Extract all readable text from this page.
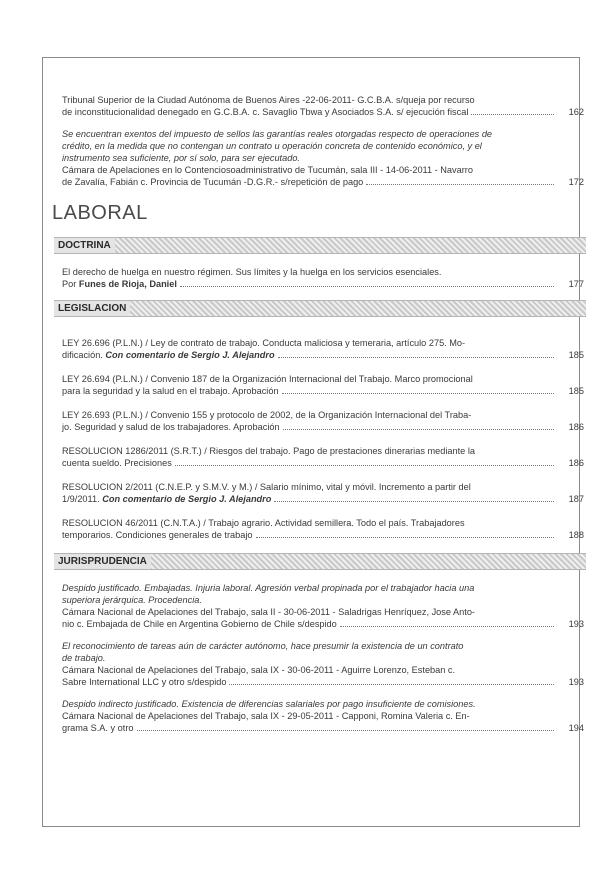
Tribunal Superior de la Ciudad Autónoma de Buenos Aires -22-06-2011- G.C.B.A. s/queja por recurso
de inconstitucionalidad denegado en G.C.B.A. c. Savaglio Tbwa y Asociados S.A. s/ ejecución fiscal	162
Se encuentran exentos del impuesto de sellos las garantías reales otorgadas respecto de operaciones de
crédito, en la medida que no contengan un contrato u operación concreta de contenido económico, y el
instrumento sea suficiente, por sí solo, para ser ejecutado.
Cámara de Apelaciones en lo Contenciosoadministrativo de Tucumán, sala III - 14-06-2011 - Navarro
de Zavalía, Fabián c. Provincia de Tucumán -D.G.R.- s/repetición de pago	172
LABORAL
DOCTRINA
El derecho de huelga en nuestro régimen. Sus límites y la huelga en los servicios esenciales.
Por Funes de Rioja, Daniel	177
LEGISLACION
LEY 26.696 (P.L.N.) / Ley de contrato de trabajo. Conducta maliciosa y temeraria, artículo 275. Mo-
dificación. Con comentario de Sergio J. Alejandro	185
LEY 26.694 (P.L.N.) / Convenio 187 de la Organización Internacional del Trabajo. Marco promocional
para la seguridad y la salud en el trabajo. Aprobación	185
LEY 26.693 (P.L.N.) / Convenio 155 y protocolo de 2002, de la Organización Internacional del Traba-
jo. Seguridad y salud de los trabajadores. Aprobación	186
RESOLUCION 1286/2011 (S.R.T.) / Riesgos del trabajo. Pago de prestaciones dinerarias mediante la
cuenta sueldo. Precisiones	186
RESOLUCION 2/2011 (C.N.E.P. y S.M.V. y M.) / Salario mínimo, vital y móvil. Incremento a partir del
1/9/2011. Con comentario de Sergio J. Alejandro	187
RESOLUCION 46/2011 (C.N.T.A.) / Trabajo agrario. Actividad semillera. Todo el país. Trabajadores
temporarios. Condiciones generales de trabajo	188
JURISPRUDENCIA
Despido justificado. Embajadas. Injuria laboral. Agresión verbal propinada por el trabajador hacia una
superiora jerárquica. Procedencia.
Cámara Nacional de Apelaciones del Trabajo, sala II - 30-06-2011 - Saladrigas Henríquez, Jose Anto-
nio c. Embajada de Chile en Argentina Gobierno de Chile s/despido	193
El reconocimiento de tareas aún de carácter autónomo, hace presumir la existencia de un contrato
de trabajo.
Cámara Nacional de Apelaciones del Trabajo, sala IX - 30-06-2011 - Aguirre Lorenzo, Esteban c.
Sabre International LLC y otro s/despido	193
Despido indirecto justificado. Existencia de diferencias salariales por pago insuficiente de comisiones.
Cámara Nacional de Apelaciones del Trabajo, sala IX - 29-05-2011 - Capponi, Romina Valeria c. En-
grama S.A. y otro	194
